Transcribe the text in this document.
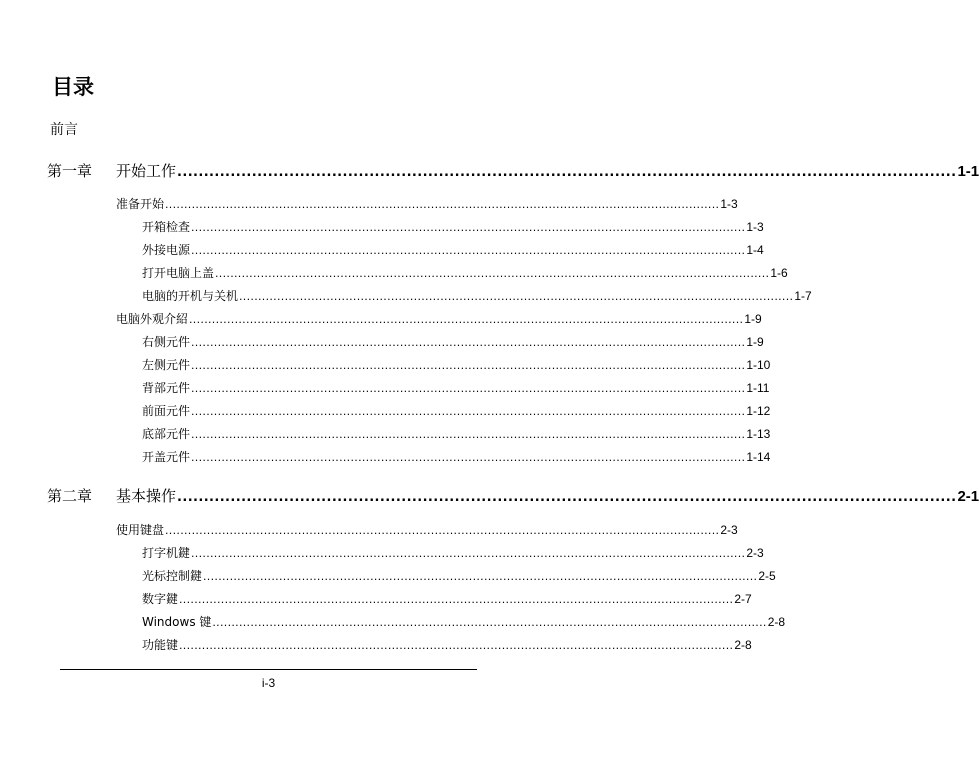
目录
前言
第一章 开始工作 .................................................................................................................................................. 1-1
准备开始 .................................................................................................................................................. 1-3
开箱检查 .................................................................................................................................................. 1-3
外接电源 .................................................................................................................................................. 1-4
打开电脑上盖 .................................................................................................................................................. 1-6
电脑的开机与关机 .................................................................................................................................................. 1-7
电脑外观介紹 .................................................................................................................................................. 1-9
右侧元件 .................................................................................................................................................. 1-9
左侧元件 .................................................................................................................................................. 1-10
背部元件 .................................................................................................................................................. 1-11
前面元件 .................................................................................................................................................. 1-12
底部元件 .................................................................................................................................................. 1-13
开盖元件 .................................................................................................................................................. 1-14
第二章 基本操作 .................................................................................................................................................. 2-1
使用键盘 .................................................................................................................................................. 2-3
打字机鍵 .................................................................................................................................................. 2-3
光标控制鍵 .................................................................................................................................................. 2-5
数字鍵 .................................................................................................................................................. 2-7
Windows 键 .................................................................................................................................................. 2-8
功能键 .................................................................................................................................................. 2-8
i-3
